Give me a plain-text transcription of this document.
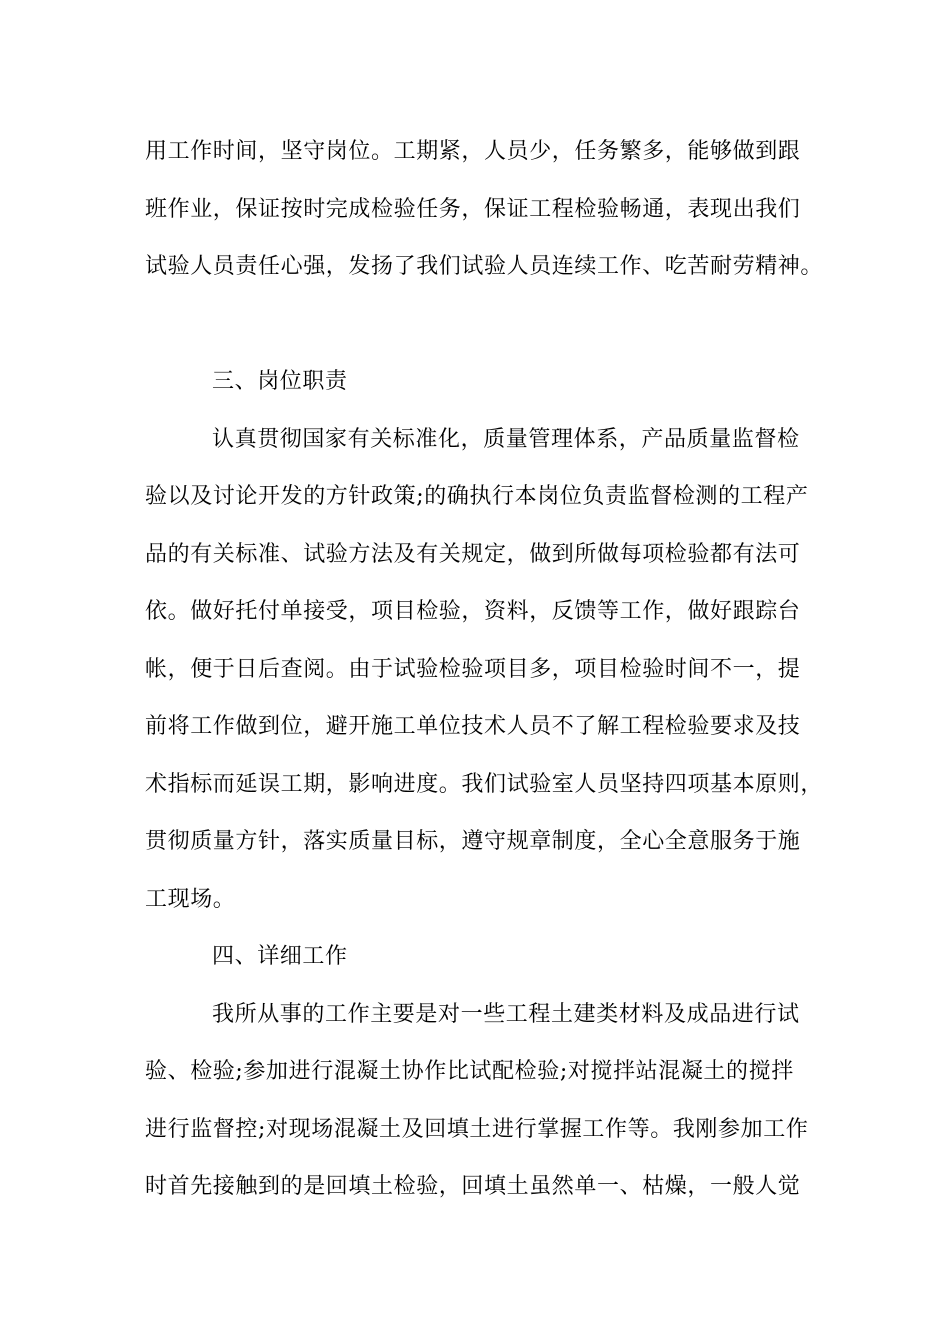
用工作时间，坚守岗位。工期紧，人员少，任务繁多，能够做到跟
班作业，保证按时完成检验任务，保证工程检验畅通，表现出我们
试验人员责任心强，发扬了我们试验人员连续工作、吃苦耐劳精神。
三、岗位职责
认真贯彻国家有关标准化，质量管理体系，产品质量监督检
验以及讨论开发的方针政策;的确执行本岗位负责监督检测的工程产
品的有关标准、试验方法及有关规定，做到所做每项检验都有法可
依。做好托付单接受，项目检验，资料，反馈等工作，做好跟踪台
帐，便于日后查阅。由于试验检验项目多，项目检验时间不一，提
前将工作做到位，避开施工单位技术人员不了解工程检验要求及技
术指标而延误工期，影响进度。我们试验室人员坚持四项基本原则，
贯彻质量方针，落实质量目标，遵守规章制度，全心全意服务于施
工现场。
四、详细工作
我所从事的工作主要是对一些工程土建类材料及成品进行试
验、检验;参加进行混凝土协作比试配检验;对搅拌站混凝土的搅拌
进行监督控;对现场混凝土及回填土进行掌握工作等。我刚参加工作
时首先接触到的是回填土检验，回填土虽然单一、枯燥，一般人觉
